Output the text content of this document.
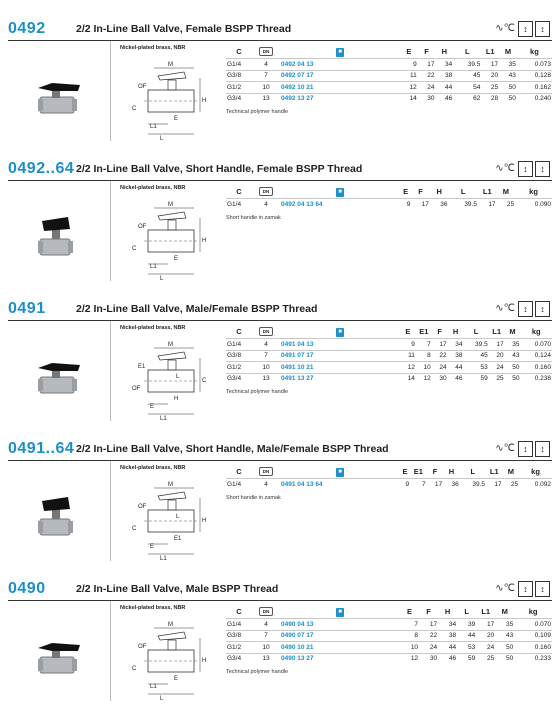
0492	2/2 In-Line Ball Valve, Female BSPP Thread	∿℃ ↕	↕
Nickel-plated brass, NBR
M
OF
C
H
E
L1
L
C	DN	■	E	F	H	L	L1	M	kg
G1/4	4	0492 04 13	9	17	34	39.5	17	35	0.073
G3/8	7	0492 07 17	11	22	38	45	20	43	0.128
G1/2	10	0492 10 21	12	24	44	54	25	50	0.162
G3/4	13	0492 13 27	14	30	46	62	28	50	0.240
Technical polymer handle
0492..64 2/2 In-Line Ball Valve, Short Handle, Female BSPP Thread	∿℃ ↕	↕
Nickel-plated brass, NBR
M
OF
C
H
E
L1
L
C	DN	■	E	F	H	L	L1	M	kg
G1/4	4	0492 04 13 64	9	17	36	39.5	17	25	0.090
Short handle in zamak
0491	2/2 In-Line Ball Valve, Male/Female BSPP Thread	∿℃ ↕	↕
Nickel-plated brass, NBR
M
E1
OF
C
H
E
L1
L
C	DN	■	E	E1	F	H	L	L1	M	kg
G1/4	4	0491 04 13	9	7	17	34	39.5	17	35	0.070
G3/8	7	0491 07 17	11	8	22	38	45	20	43	0.124
G1/2	10	0491 10 21	12	10	24	44	53	24	50	0.160
G3/4	13	0491 13 27	14	12	30	46	59	25	50	0.238
Technical polymer handle
0491..64 2/2 In-Line Ball Valve, Short Handle, Male/Female BSPP Thread	∿℃ ↕	↕
Nickel-plated brass, NBR
M
OF
C
H
E1
E
L1
L
C	DN	■	E	E1	F	H	L	L1	M	kg
G1/4	4	0491 04 13 64	9	7	17	36	39.5	17	25	0.092
Short handle in zamak
0490	2/2 In-Line Ball Valve, Male BSPP Thread	∿℃ ↕	↕
Nickel-plated brass, NBR
M
OF
C
H
E
L1
L
C	DN	■	E	F	H	L	L1	M	kg
G1/4	4	0490 04 13	7	17	34	39	17	35	0.070
G3/8	7	0490 07 17	8	22	38	44	20	43	0.109
G1/2	10	0490 10 21	10	24	44	53	24	50	0.160
G3/4	13	0490 13 27	12	30	46	59	25	50	0.233
Technical polymer handle
